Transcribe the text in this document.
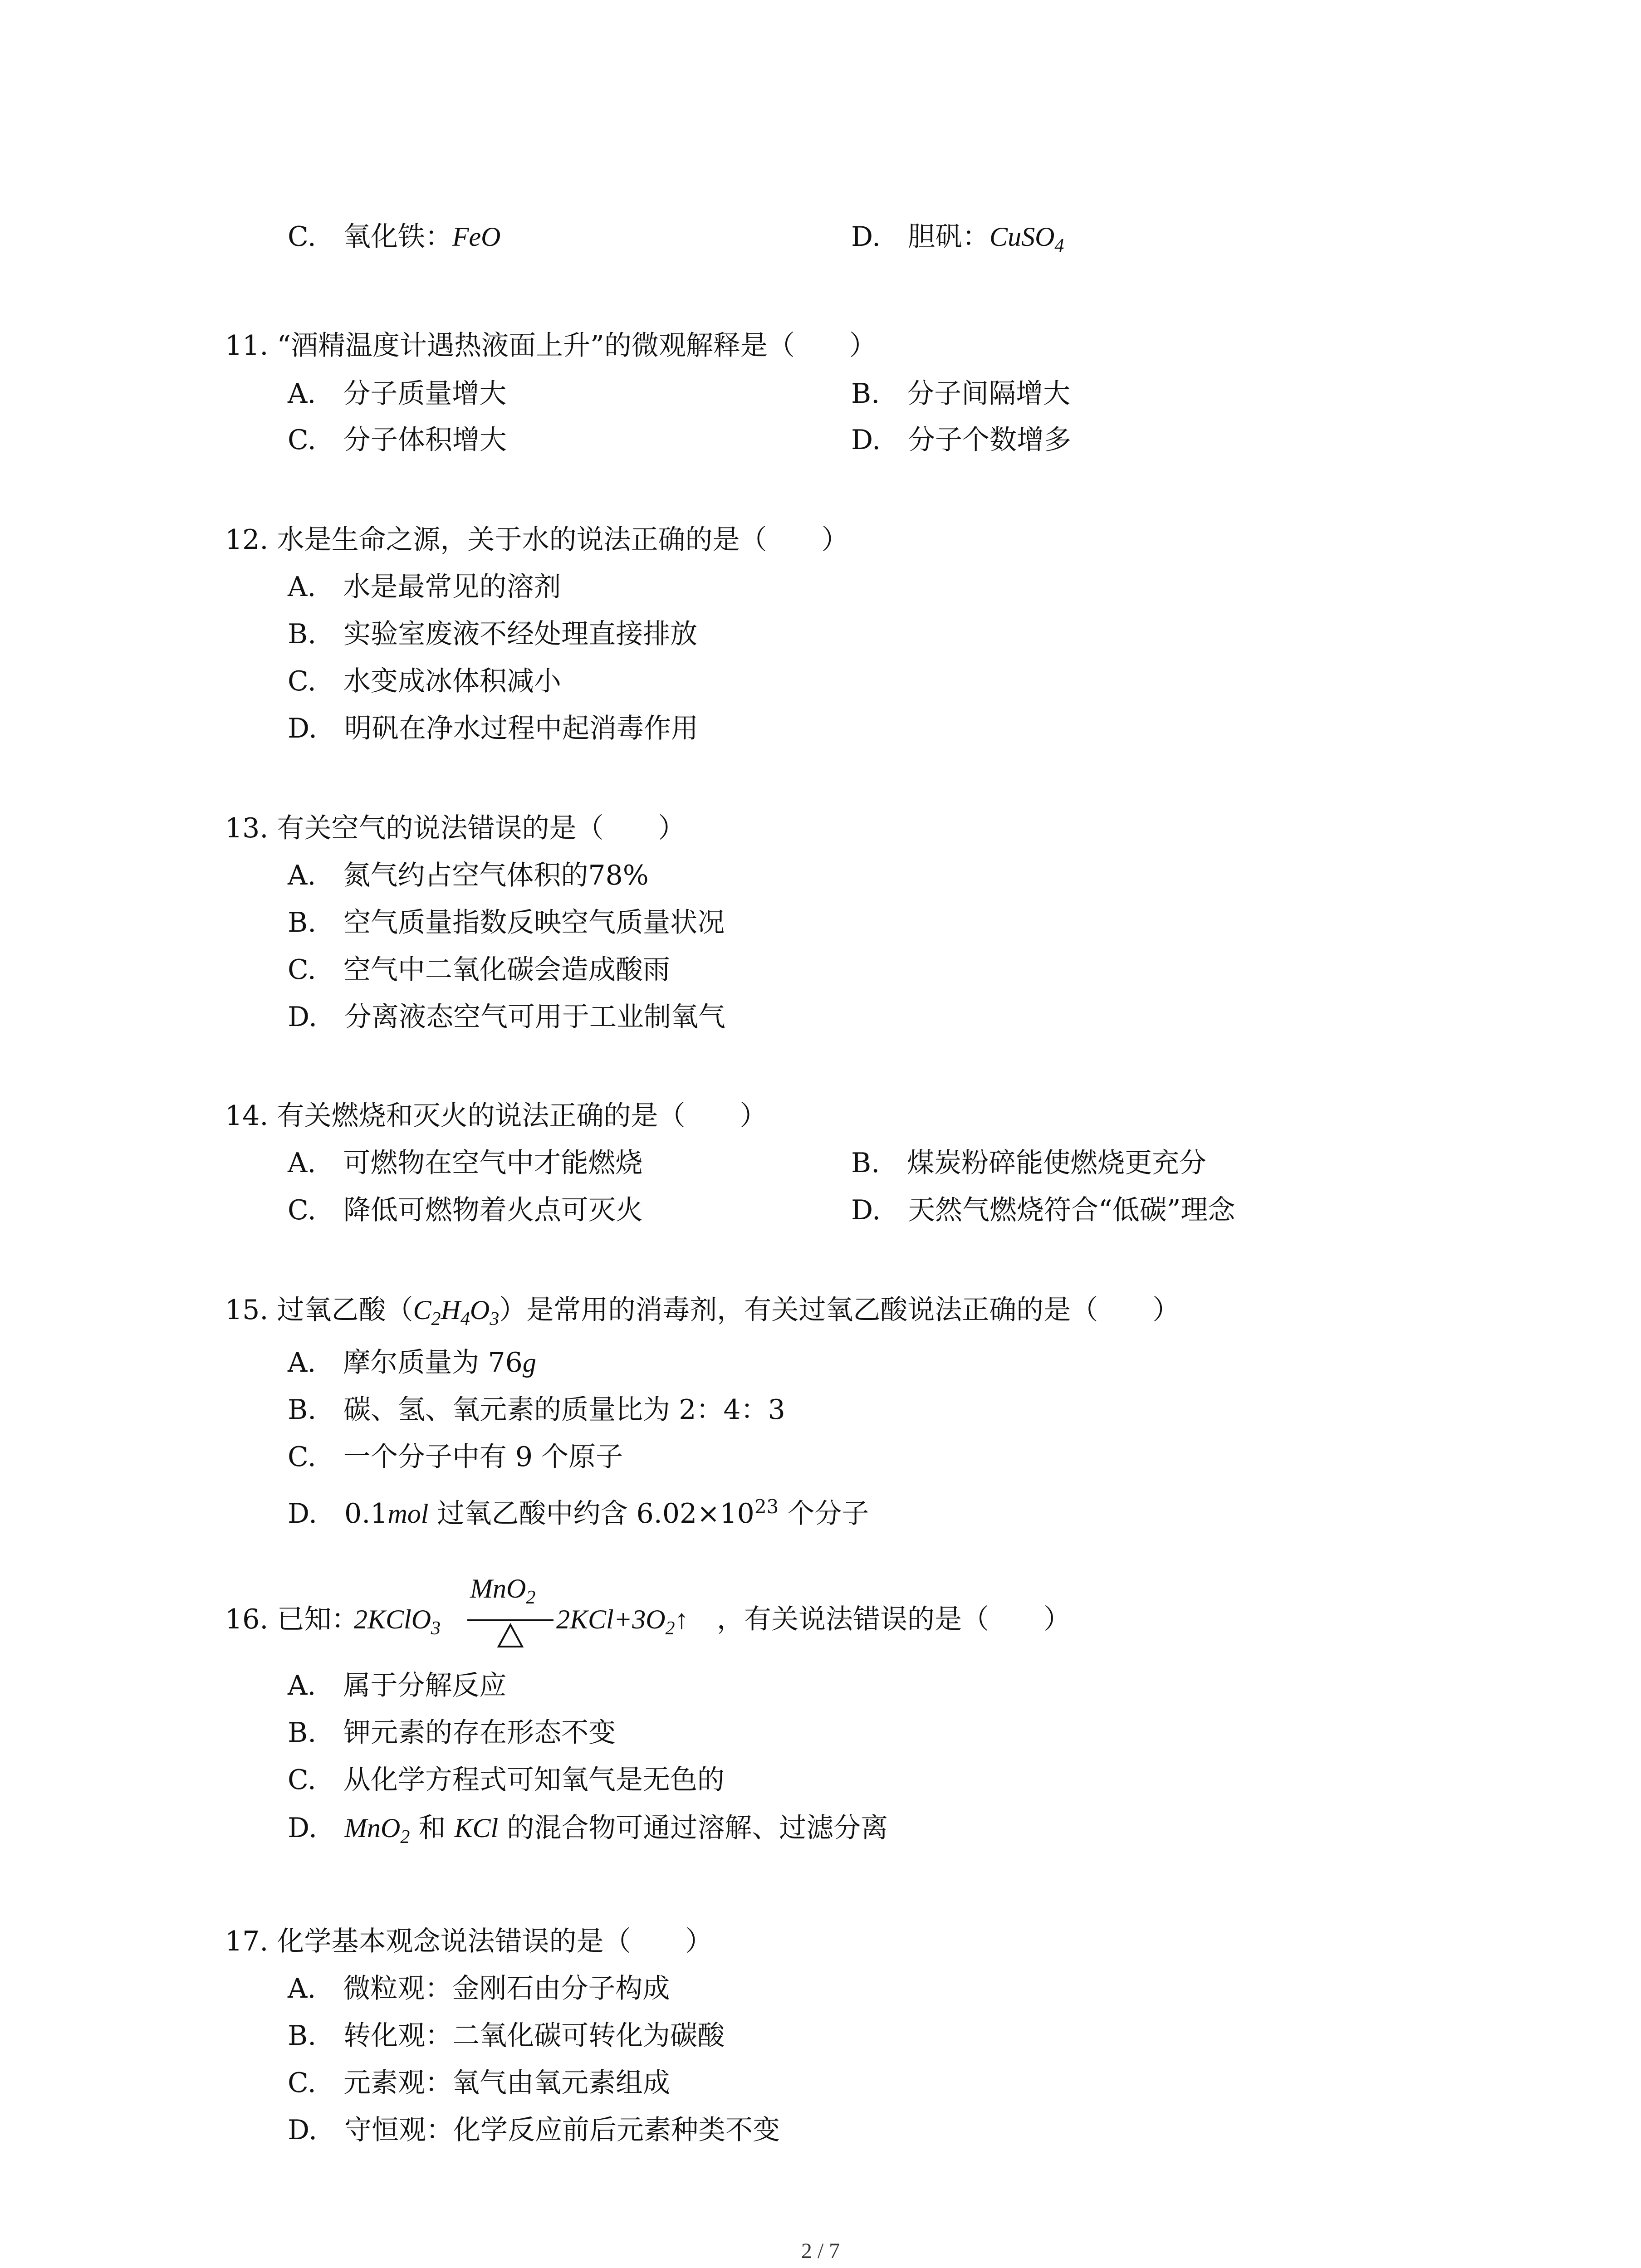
C.　 氧化铁：FeO	D.　 胆矾：CuSO$_4$
11. “酒精温度计遇热液面上升”的微观解释是（　　）
A.　分子质量增大	B.　分子间隔增大
C.　分子体积增大	D.　分子个数增多
12. 水是生命之源，关于水的说法正确的是（　　）
A.　水是最常见的溶剂
B.　实验室废液不经处理直接排放
C.　水变成冰体积减小
D.　明矾在净水过程中起消毒作用
13. 有关空气的说法错误的是（　　）
A.　氮气约占空气体积的78%
B.　空气质量指数反映空气质量状况
C.　空气中二氧化碳会造成酸雨
D.　分离液态空气可用于工业制氧气
14. 有关燃烧和灭火的说法正确的是（　　）
A.　可燃物在空气中才能燃烧	B.　煤炭粉碎能使燃烧更充分
C.　降低可燃物着火点可灭火	D.　天然气燃烧符合“低碳”理念
15. 过氧乙酸$(C_2H_4O_3)$是常用的消毒剂，有关过氧乙酸说法正确的是（　　）
A.　摩尔质量为 76g
B.　碳、氢、氧元素的质量比为 2：4：3
C.　一个分子中有 9 个原子
D.　0.1mol 过氧乙酸中约含 $6.02\times 10^{23}$ 个分子
16. 已知：
2KClO$_3$
MnO$_2$
$2KCl+3O_2↑$ ，有关说法错误的是（　　）
A.　属于分解反应
B.　钾元素的存在形态不变
C.　从化学方程式可知氧气是无色的
D.　MnO$_2$ 和 KCl 的混合物可通过溶解、过滤分离
17. 化学基本观念说法错误的是（　　）
A.　微粒观：金刚石由分子构成
B.　转化观：二氧化碳可转化为碳酸
C.　元素观：氧气由氧元素组成
D.　守恒观：化学反应前后元素种类不变
2 / 7
